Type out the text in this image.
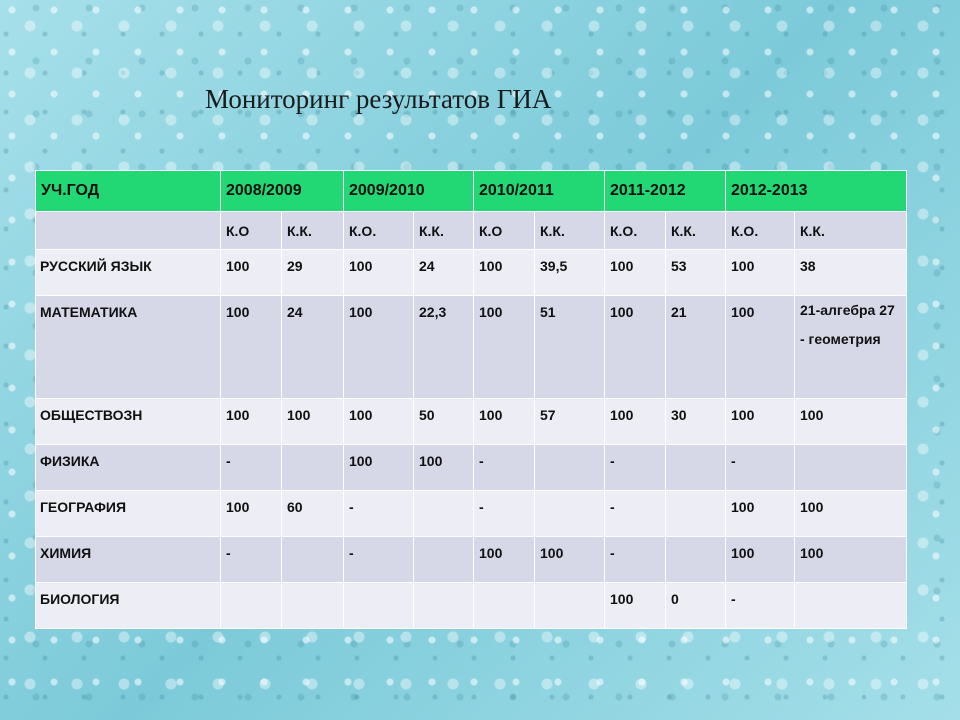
Мониторинг результатов ГИА
УЧ.ГОД	2008/2009		2009/2010		2010/2011		2011-2012		2012-2013	
	К.О	К.К.	К.О.	К.К.	К.О	К.К.	К.О.	К.К.	К.О.	К.К.
РУССКИЙ ЯЗЫК	100	29	100	24	100	39,5	100	53	100	38
МАТЕМАТИКА	100	24	100	22,3	100	51	100	21	100	21-алгебра 27 - геометрия
ОБЩЕСТВОЗН	100	100	100	50	100	57	100	30	100	100
ФИЗИКА	-		100	100	-		-		-	
ГЕОГРАФИЯ	100	60	-		-		-		100	100
ХИМИЯ	-		-		100	100	-		100	100
БИОЛОГИЯ							100	0	-	
